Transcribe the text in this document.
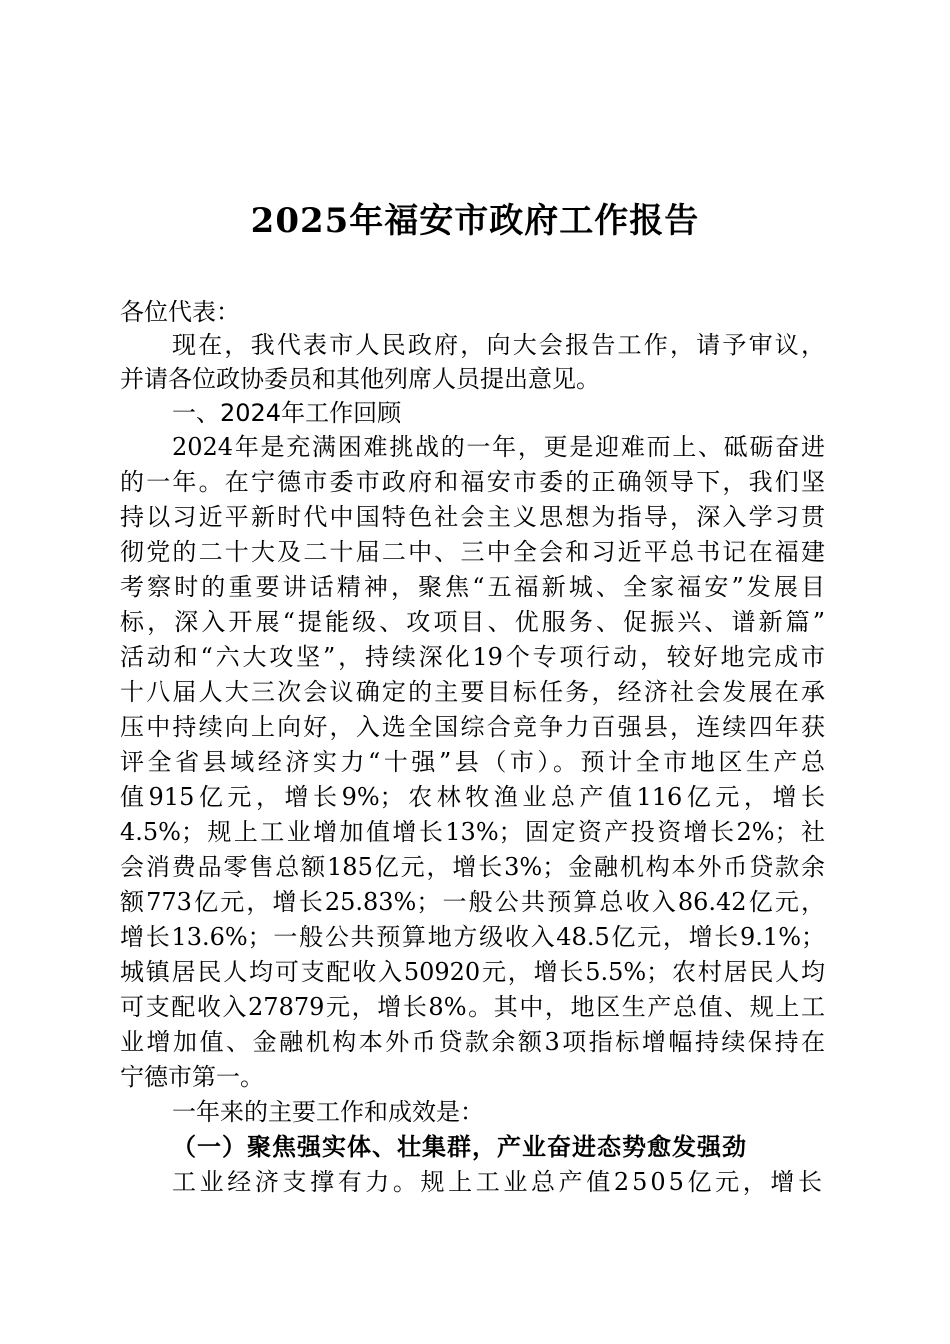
2025年福安市政府工作报告
各位代表：
现在，我代表市人民政府，向大会报告工作，请予审议，
并请各位政协委员和其他列席人员提出意见。
一、2024年工作回顾
2024年是充满困难挑战的一年，更是迎难而上、砥砺奋进
的一年。在宁德市委市政府和福安市委的正确领导下，我们坚
持以习近平新时代中国特色社会主义思想为指导，深入学习贯
彻党的二十大及二十届二中、三中全会和习近平总书记在福建
考察时的重要讲话精神，聚焦“五福新城、全家福安”发展目
标，深入开展“提能级、攻项目、优服务、促振兴、谱新篇”
活动和“六大攻坚”，持续深化19个专项行动，较好地完成市
十八届人大三次会议确定的主要目标任务，经济社会发展在承
压中持续向上向好，入选全国综合竞争力百强县，连续四年获
评全省县域经济实力“十强”县（市）。预计全市地区生产总
值915亿元，增长9%；农林牧渔业总产值116亿元，增长
4.5%；规上工业增加值增长13%；固定资产投资增长2%；社
会消费品零售总额185亿元，增长3%；金融机构本外币贷款余
额773亿元，增长25.83%；一般公共预算总收入86.42亿元，
增长13.6%；一般公共预算地方级收入48.5亿元，增长9.1%；
城镇居民人均可支配收入50920元，增长5.5%；农村居民人均
可支配收入27879元，增长8%。其中，地区生产总值、规上工
业增加值、金融机构本外币贷款余额3项指标增幅持续保持在
宁德市第一。
一年来的主要工作和成效是：
（一）聚焦强实体、壮集群，产业奋进态势愈发强劲
工业经济支撑有力。规上工业总产值2505亿元，增长
